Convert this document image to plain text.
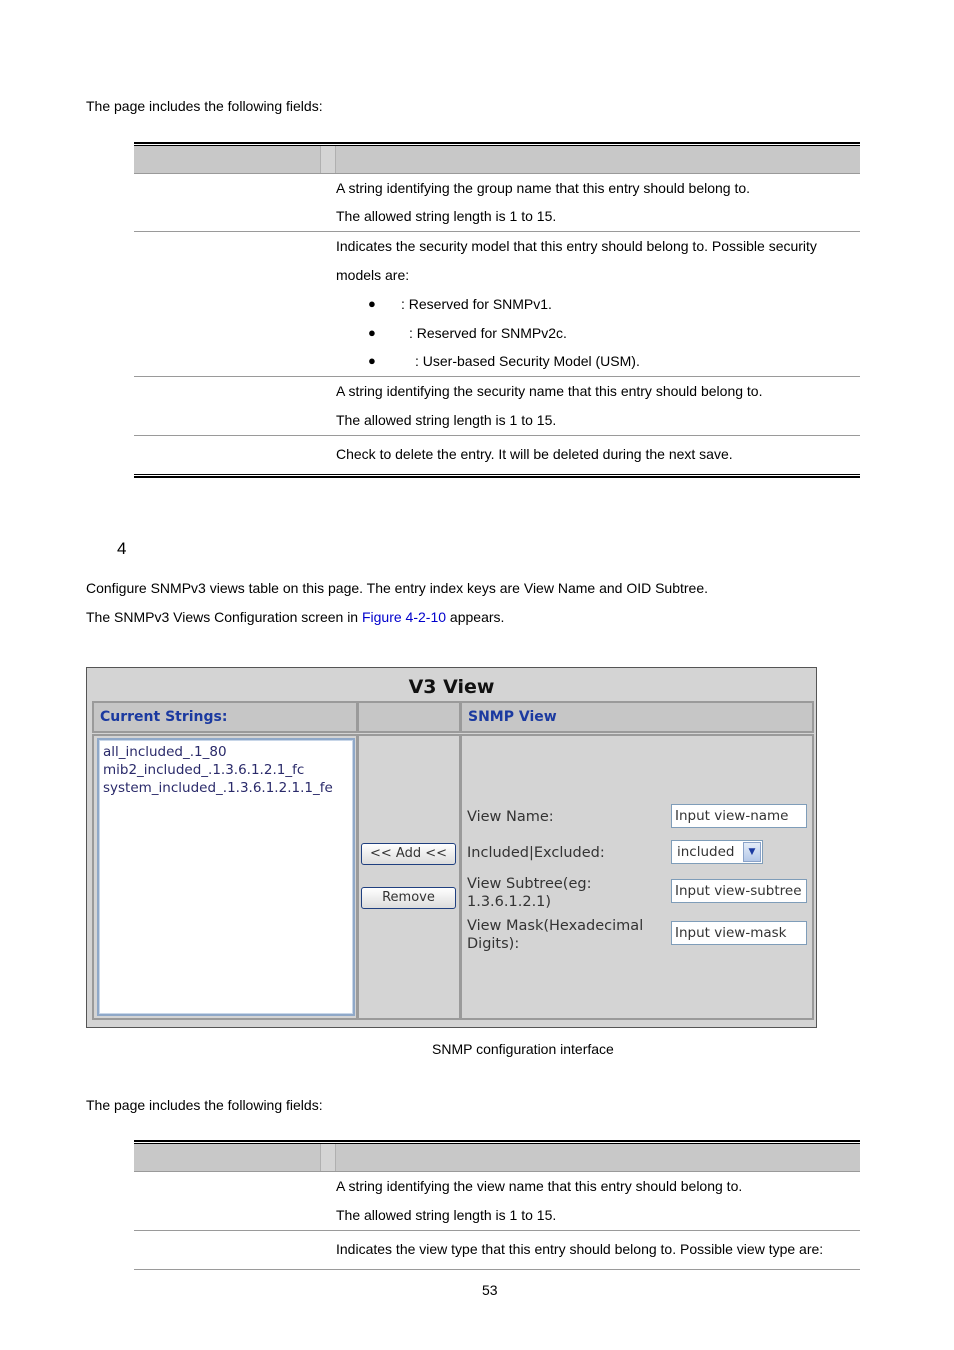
The page includes the following fields:
A string identifying the group name that this entry should belong to.
The allowed string length is 1 to 15.
Indicates the security model that this entry should belong to. Possible security
models are:
● : Reserved for SNMPv1.
● : Reserved for SNMPv2c.
●	: User-based Security Model (USM).
A string identifying the security name that this entry should belong to.
The allowed string length is 1 to 15.
Check to delete the entry. It will be deleted during the next save.
4
Configure SNMPv3 views table on this page. The entry index keys are View Name and OID Subtree.
The SNMPv3 Views Configuration screen in Figure 4-2-10 appears.
V3 View
Current Strings:	SNMP View
all_included_.1_80
mib2_included_.1.3.6.1.2.1_fc
system_included_.1.3.6.1.2.1.1_fe
<< Add <<
Remove
View Name:	Input view-name
Included|Excluded:	included	▼
View Subtree(eg:
1.3.6.1.2.1)
Input view-subtree
View Mask(Hexadecimal
Digits):
Input view-mask
SNMP configuration interface
The page includes the following fields:
A string identifying the view name that this entry should belong to.
The allowed string length is 1 to 15.
Indicates the view type that this entry should belong to. Possible view type are:
53
